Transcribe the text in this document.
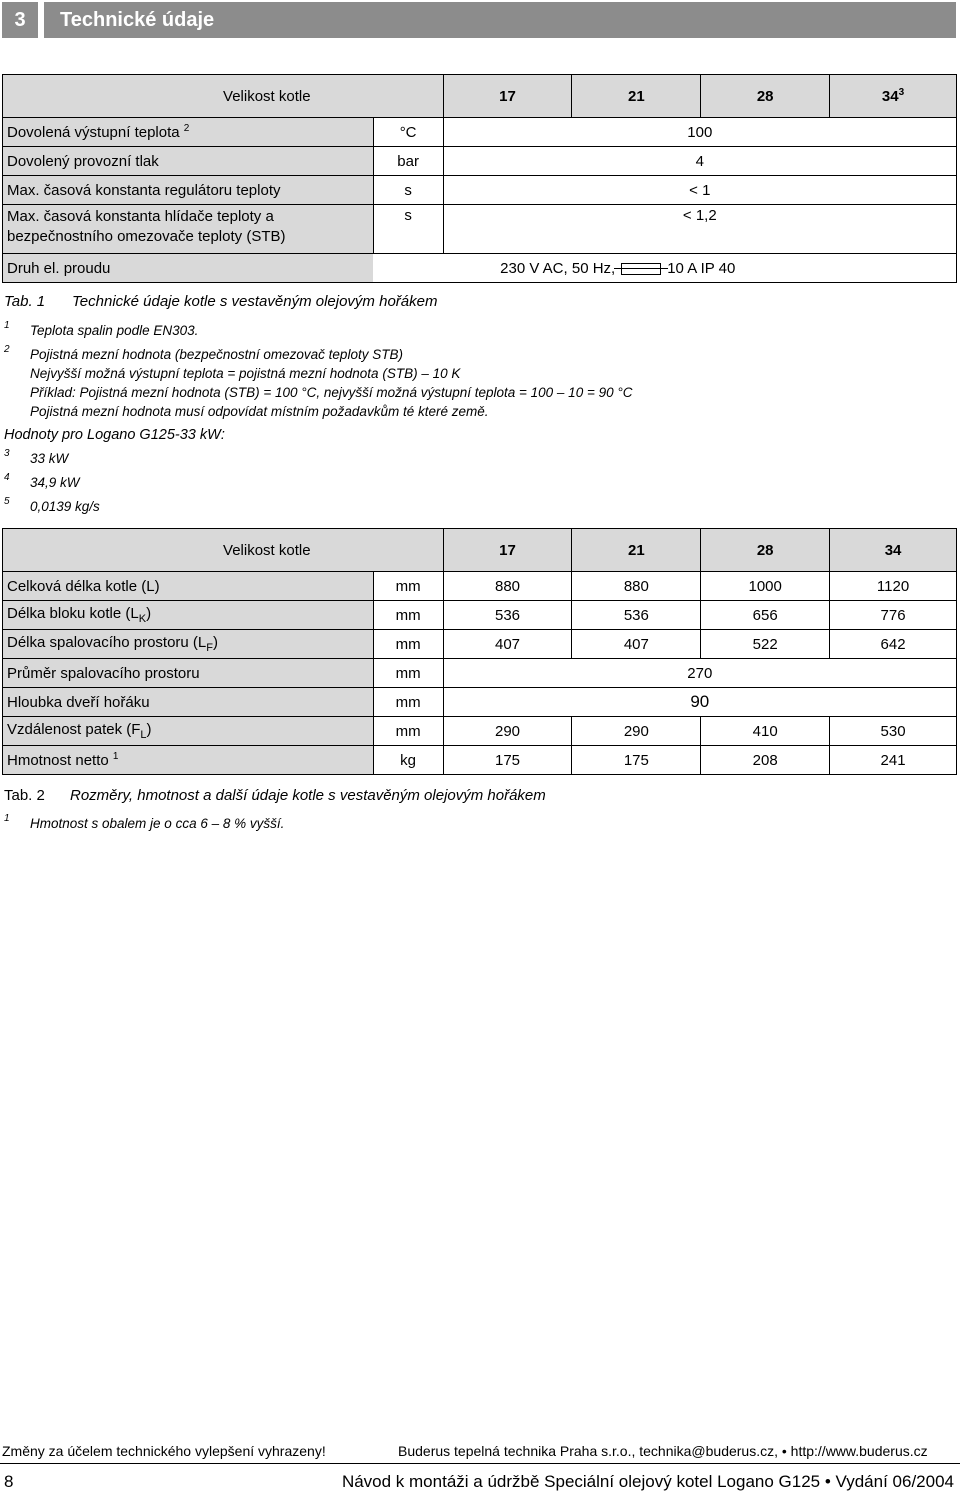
3	Technické údaje
Velikost kotle		17	21	28	$34^3$
Dovolená výstupní teplota $^2$	°C	100			
Dovolený provozní tlak	bar	4			
Max. časová konstanta regulátoru teploty	s	< 1			
Max. časová konstanta hlídače teploty a bezpečnostního omezovače teploty (STB)	s	< 1,2			
Druh el. proudu	230 V AC, 50 Hz, 10 A IP 40				
Tab. 1 Technické údaje kotle s vestavěným olejovým hořákem
1 Teplota spalin podle EN303.
2 Pojistná mezní hodnota (bezpečnostní omezovač teploty STB)
Nejvyšší možná výstupní teplota = pojistná mezní hodnota (STB) – 10 K
Příklad: Pojistná mezní hodnota (STB) = 100 °C, nejvyšší možná výstupní teplota = 100 – 10 = 90 °C
Pojistná mezní hodnota musí odpovídat místním požadavkům té které země.
Hodnoty pro Logano G125-33 kW:
3 33 kW
4 34,9 kW
5 0,0139 kg/s
Velikost kotle		17	21	28	34
Celková délka kotle (L)	mm	880	880	1000	1120
Délka bloku kotle $(L_K)$	mm	536	536	656	776
Délka spalovacího prostoru $(L_F)$	mm	407	407	522	642
Průměr spalovacího prostoru	mm	270			
Hloubka dveří hořáku	mm	90			
Vzdálenost patek $(F_L)$	mm	290	290	410	530
Hmotnost netto $^1$	kg	175	175	208	241
Tab. 2 Rozměry, hmotnost a další údaje kotle s vestavěným olejovým hořákem
1 Hmotnost s obalem je o cca 6 – 8 % vyšší.
Změny za účelem technického vylepšení vyhrazeny!	Buderus tepelná technika Praha s.r.o., technika@buderus.cz, • http://www.buderus.cz
8	Návod k montáži a údržbě Speciální olejový kotel Logano G125 • Vydání 06/2004
